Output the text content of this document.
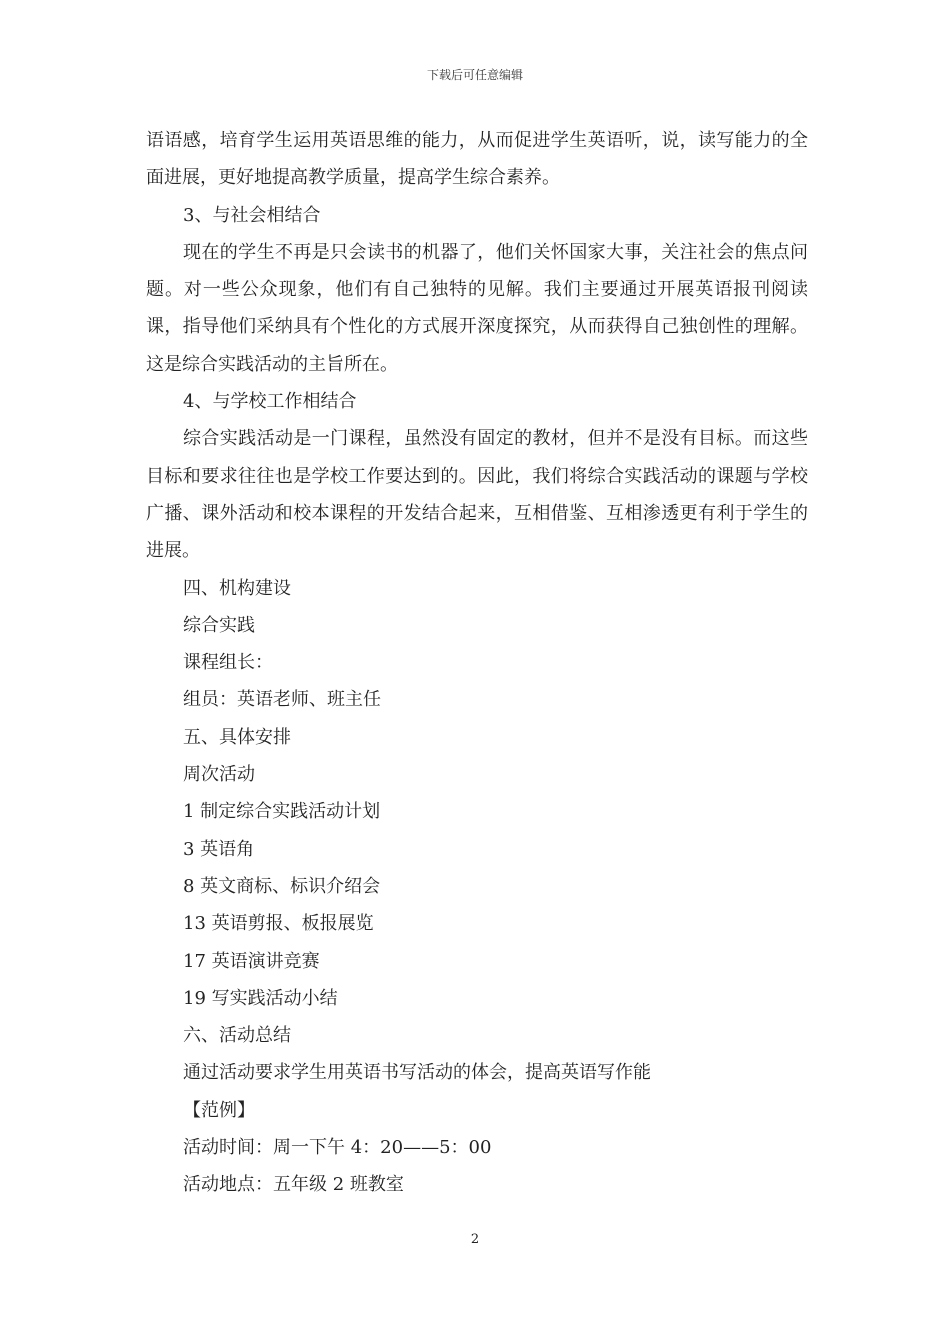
下载后可任意编辑

语语感，培育学生运用英语思维的能力，从而促进学生英语听，说，读写能力的全面进展，更好地提高教学质量，提高学生综合素养。

3、与社会相结合

现在的学生不再是只会读书的机器了，他们关怀国家大事，关注社会的焦点问题。对一些公众现象，他们有自己独特的见解。我们主要通过开展英语报刊阅读课，指导他们采纳具有个性化的方式展开深度探究，从而获得自己独创性的理解。这是综合实践活动的主旨所在。

4、与学校工作相结合

综合实践活动是一门课程，虽然没有固定的教材，但并不是没有目标。而这些目标和要求往往也是学校工作要达到的。因此，我们将综合实践活动的课题与学校广播、课外活动和校本课程的开发结合起来，互相借鉴、互相渗透更有利于学生的进展。

四、机构建设

综合实践

课程组长：

组员：英语老师、班主任

五、具体安排

周次活动

1 制定综合实践活动计划

3 英语角

8 英文商标、标识介绍会

13 英语剪报、板报展览

17 英语演讲竞赛

19 写实践活动小结

六、活动总结

通过活动要求学生用英语书写活动的体会，提高英语写作能

【范例】

活动时间：周一下午 4：20——5：00

活动地点：五年级 2 班教室

2
